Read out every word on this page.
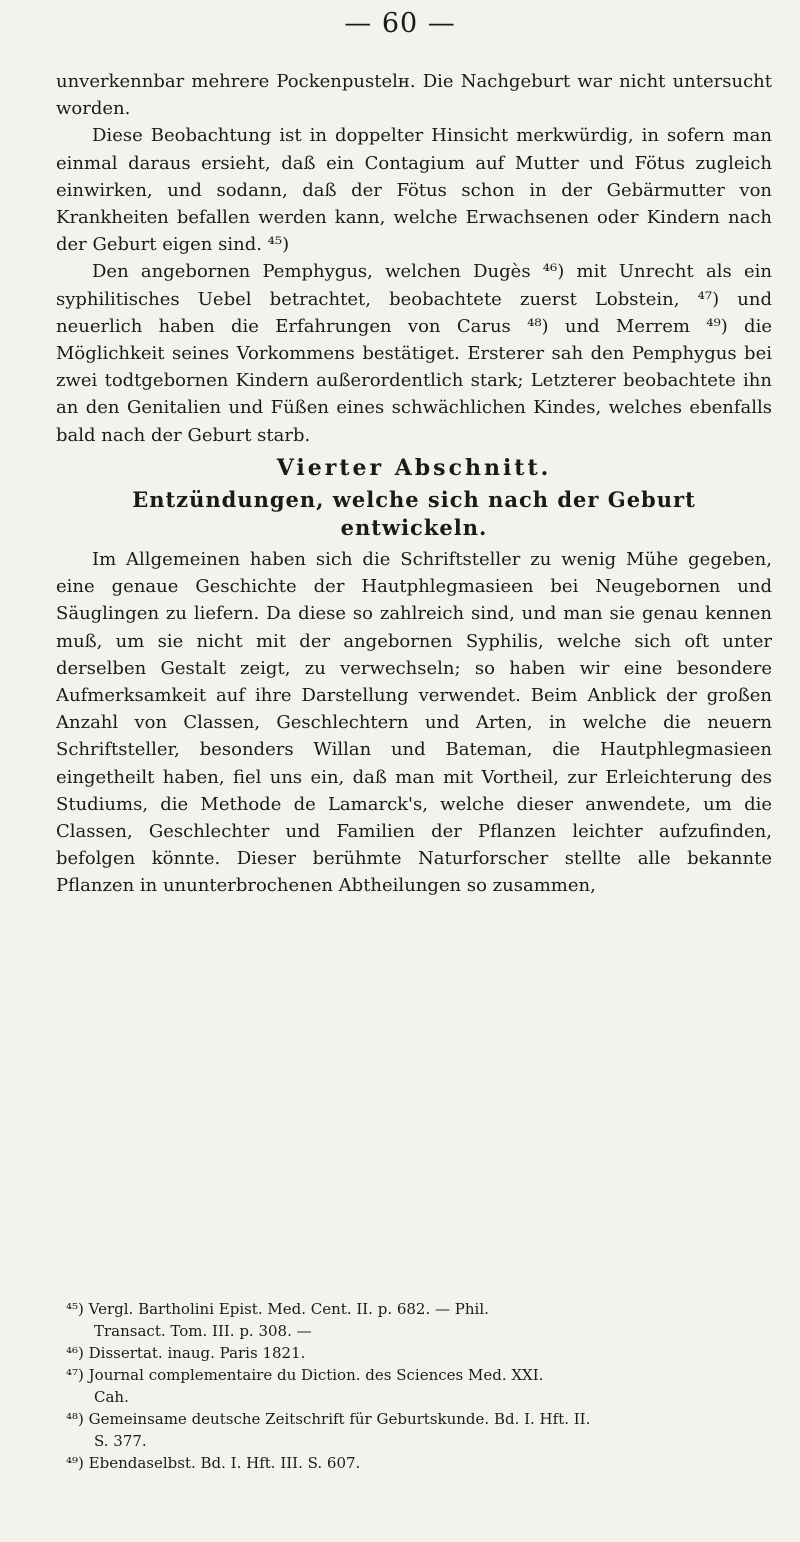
— 60 —

unverkennbar mehrere Pockenpustelн. Die Nachgeburt war nicht untersucht worden.

Diese Beobachtung ist in doppelter Hinsicht merkwürdig, in sofern man einmal daraus ersieht, daß ein Contagium auf Mutter und Fötus zugleich einwirken, und sodann, daß der Fötus schon in der Gebärmutter von Krankheiten befallen werden kann, welche Erwachsenen oder Kindern nach der Geburt eigen sind. ⁴⁵)

Den angebornen Pemphygus, welchen Dugès ⁴⁶) mit Unrecht als ein syphilitisches Uebel betrachtet, beobachtete zuerst Lobstein, ⁴⁷) und neuerlich haben die Erfahrungen von Carus ⁴⁸) und Merrem ⁴⁹) die Möglichkeit seines Vorkommens bestätiget. Ersterer sah den Pemphygus bei zwei todtgebornen Kindern außerordentlich stark; Letzterer beobachtete ihn an den Genitalien und Füßen eines schwächlichen Kindes, welches ebenfalls bald nach der Geburt starb.

Vierter Abschnitt.
Entzündungen, welche sich nach der Geburt entwickeln.

Im Allgemeinen haben sich die Schriftsteller zu wenig Mühe gegeben, eine genaue Geschichte der Hautphlegmasieen bei Neugebornen und Säuglingen zu liefern. Da diese so zahlreich sind, und man sie genau kennen muß, um sie nicht mit der angebornen Syphilis, welche sich oft unter derselben Gestalt zeigt, zu verwechseln; so haben wir eine besondere Aufmerksamkeit auf ihre Darstellung verwendet. Beim Anblick der großen Anzahl von Classen, Geschlechtern und Arten, in welche die neuern Schriftsteller, besonders Willan und Bateman, die Hautphlegmasieen eingetheilt haben, fiel uns ein, daß man mit Vortheil, zur Erleichterung des Studiums, die Methode de Lamarck's, welche dieser anwendete, um die Classen, Geschlechter und Familien der Pflanzen leichter aufzufinden, befolgen könnte. Dieser berühmte Naturforscher stellte alle bekannte Pflanzen in ununterbrochenen Abtheilungen so zusammen,

⁴⁵) Vergl. Bartholini Epist. Med. Cent. II. p. 682. — Phil.
Transact. Tom. III. p. 308. —

⁴⁶) Dissertat. inaug. Paris 1821.

⁴⁷) Journal complementaire du Diction. des Sciences Med. XXI.
Cah.

⁴⁸) Gemeinsame deutsche Zeitschrift für Geburtskunde. Bd. I. Hft. II.
S. 377.

⁴⁹) Ebendaselbst. Bd. I. Hft. III. S. 607.
